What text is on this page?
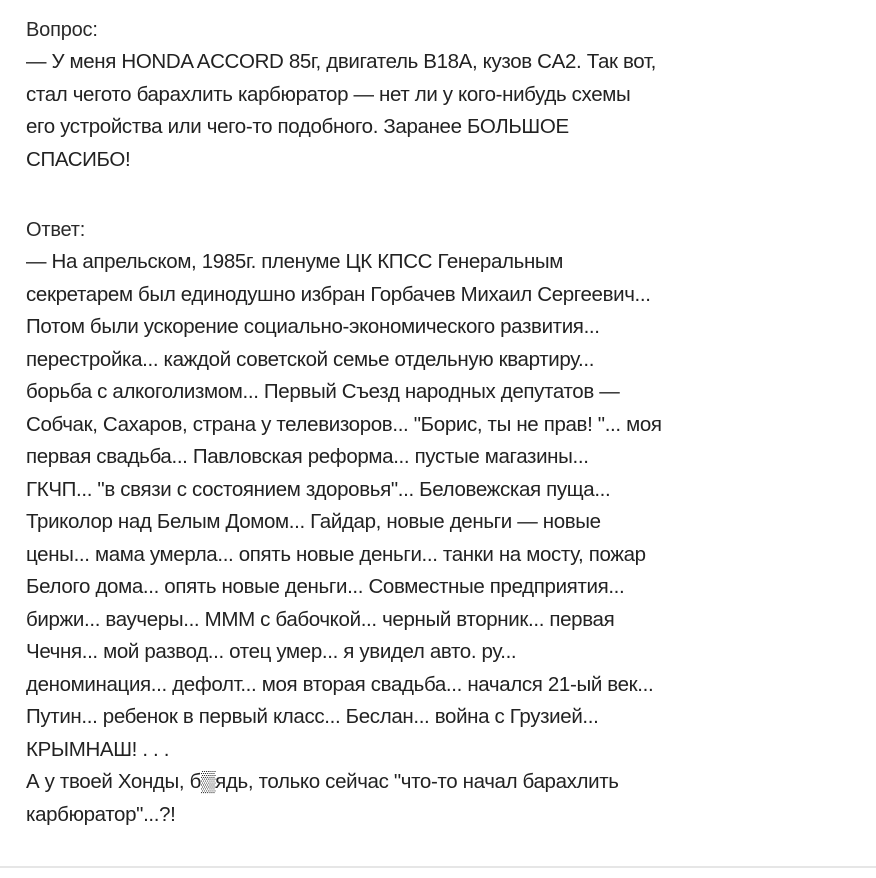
Вопрос:
— У меня HONDA ACCORD 85г, двигатель B18A, кузов CA2. Так вот,
стал чегото барахлить карбюратор — нет ли у кого-нибудь схемы
его устройства или чего-то подобного. Заранее БОЛЬШОЕ
СПАСИБО!
Ответ:
— На апрельском, 1985г. пленуме ЦК КПСС Генеральным
секретарем был единодушно избран Горбачев Михаил Сергеевич...
Потом были ускорение социально-экономического развития...
перестройка... каждой советской семье отдельную квартиру...
борьба с алкоголизмом... Первый Съезд народных депутатов —
Собчак, Сахаров, страна у телевизоров... "Борис, ты не прав! "... моя
первая свадьба... Павловская реформа... пустые магазины...
ГКЧП... "в связи с состоянием здоровья"... Беловежская пуща...
Триколор над Белым Домом... Гайдар, новые деньги — новые
цены... мама умерла... опять новые деньги... танки на мосту, пожар
Белого дома... опять новые деньги... Совместные предприятия...
биржи... ваучеры... МММ с бабочкой... черный вторник... первая
Чечня... мой развод... отец умер... я увидел авто. ру...
деноминация... дефолт... моя вторая свадьба... начался 21-ый век...
Путин... ребенок в первый класс... Беслан... война с Грузией...
КРЫМНАШ! . . .
А у твоей Хонды, б▒ядь, только сейчас "что-то начал барахлить
карбюратор"...?!
